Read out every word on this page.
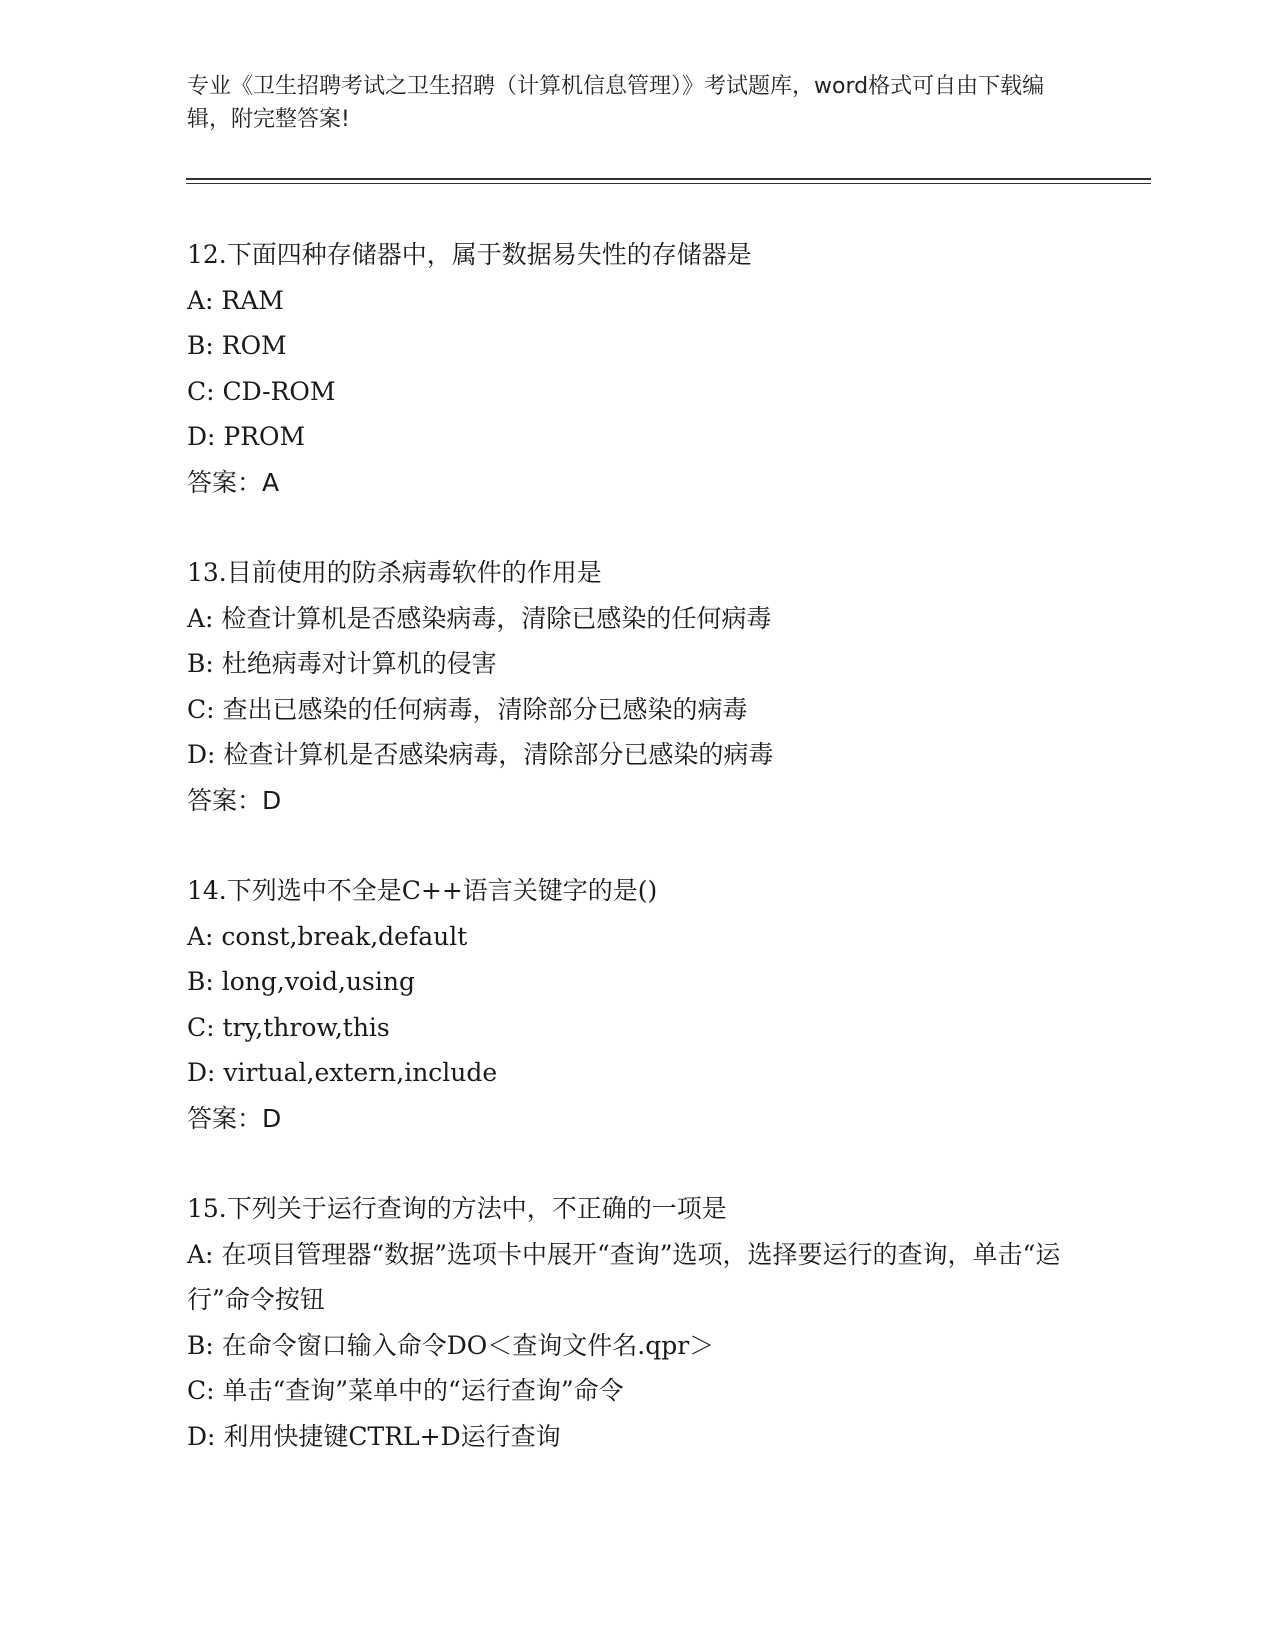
专业《卫生招聘考试之卫生招聘（计算机信息管理）》考试题库，word格式可自由下载编辑，附完整答案!
12.下面四种存储器中，属于数据易失性的存储器是
A: RAM
B: ROM
C: CD-ROM
D: PROM
答案：A
13.目前使用的防杀病毒软件的作用是
A: 检查计算机是否感染病毒，清除已感染的任何病毒
B: 杜绝病毒对计算机的侵害
C: 查出已感染的任何病毒，清除部分已感染的病毒
D: 检查计算机是否感染病毒，清除部分已感染的病毒
答案：D
14.下列选中不全是C++语言关键字的是()
A: const,break,default
B: long,void,using
C: try,throw,this
D: virtual,extern,include
答案：D
15.下列关于运行查询的方法中，不正确的一项是
A: 在项目管理器“数据”选项卡中展开“查询”选项，选择要运行的查询，单击“运行”命令按钮
B: 在命令窗口输入命令DO＜查询文件名.qpr＞
C: 单击“查询”菜单中的“运行查询”命令
D: 利用快捷键CTRL+D运行查询
